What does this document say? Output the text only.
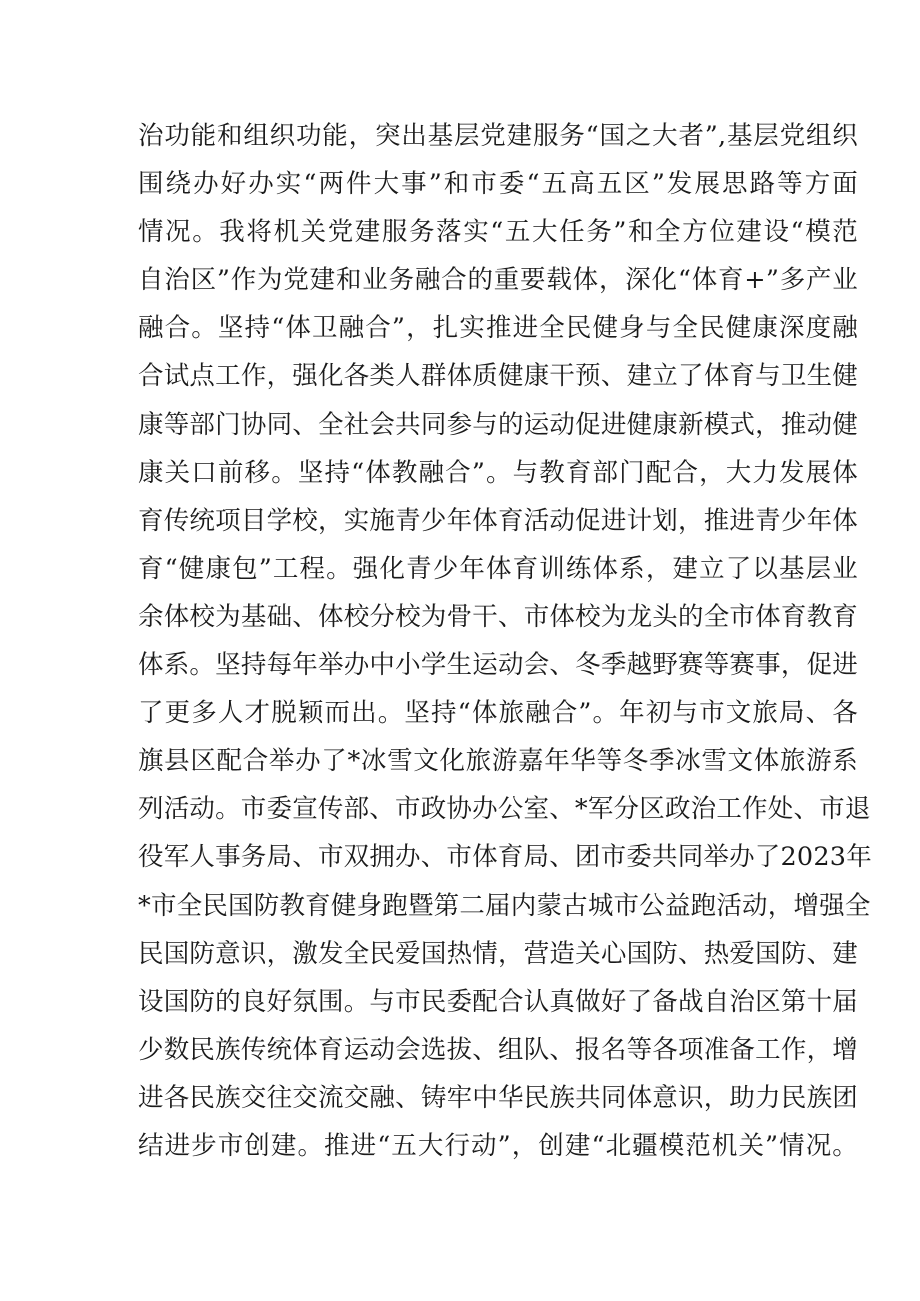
治功能和组织功能，突出基层党建服务“国之大者”,基层党组织
围绕办好办实“两件大事”和市委“五高五区”发展思路等方面
情况。我将机关党建服务落实“五大任务”和全方位建设“模范
自治区”作为党建和业务融合的重要载体，深化“体育+”多产业
融合。坚持“体卫融合”，扎实推进全民健身与全民健康深度融
合试点工作，强化各类人群体质健康干预、建立了体育与卫生健
康等部门协同、全社会共同参与的运动促进健康新模式，推动健
康关口前移。坚持“体教融合”。与教育部门配合，大力发展体
育传统项目学校，实施青少年体育活动促进计划，推进青少年体
育“健康包”工程。强化青少年体育训练体系，建立了以基层业
余体校为基础、体校分校为骨干、市体校为龙头的全市体育教育
体系。坚持每年举办中小学生运动会、冬季越野赛等赛事，促进
了更多人才脱颖而出。坚持“体旅融合”。年初与市文旅局、各
旗县区配合举办了*冰雪文化旅游嘉年华等冬季冰雪文体旅游系
列活动。市委宣传部、市政协办公室、*军分区政治工作处、市退
役军人事务局、市双拥办、市体育局、团市委共同举办了2023年
*市全民国防教育健身跑暨第二届内蒙古城市公益跑活动，增强全
民国防意识，激发全民爱国热情，营造关心国防、热爱国防、建
设国防的良好氛围。与市民委配合认真做好了备战自治区第十届
少数民族传统体育运动会选拔、组队、报名等各项准备工作，增
进各民族交往交流交融、铸牢中华民族共同体意识，助力民族团
结进步市创建。推进“五大行动”，创建“北疆模范机关”情况。
